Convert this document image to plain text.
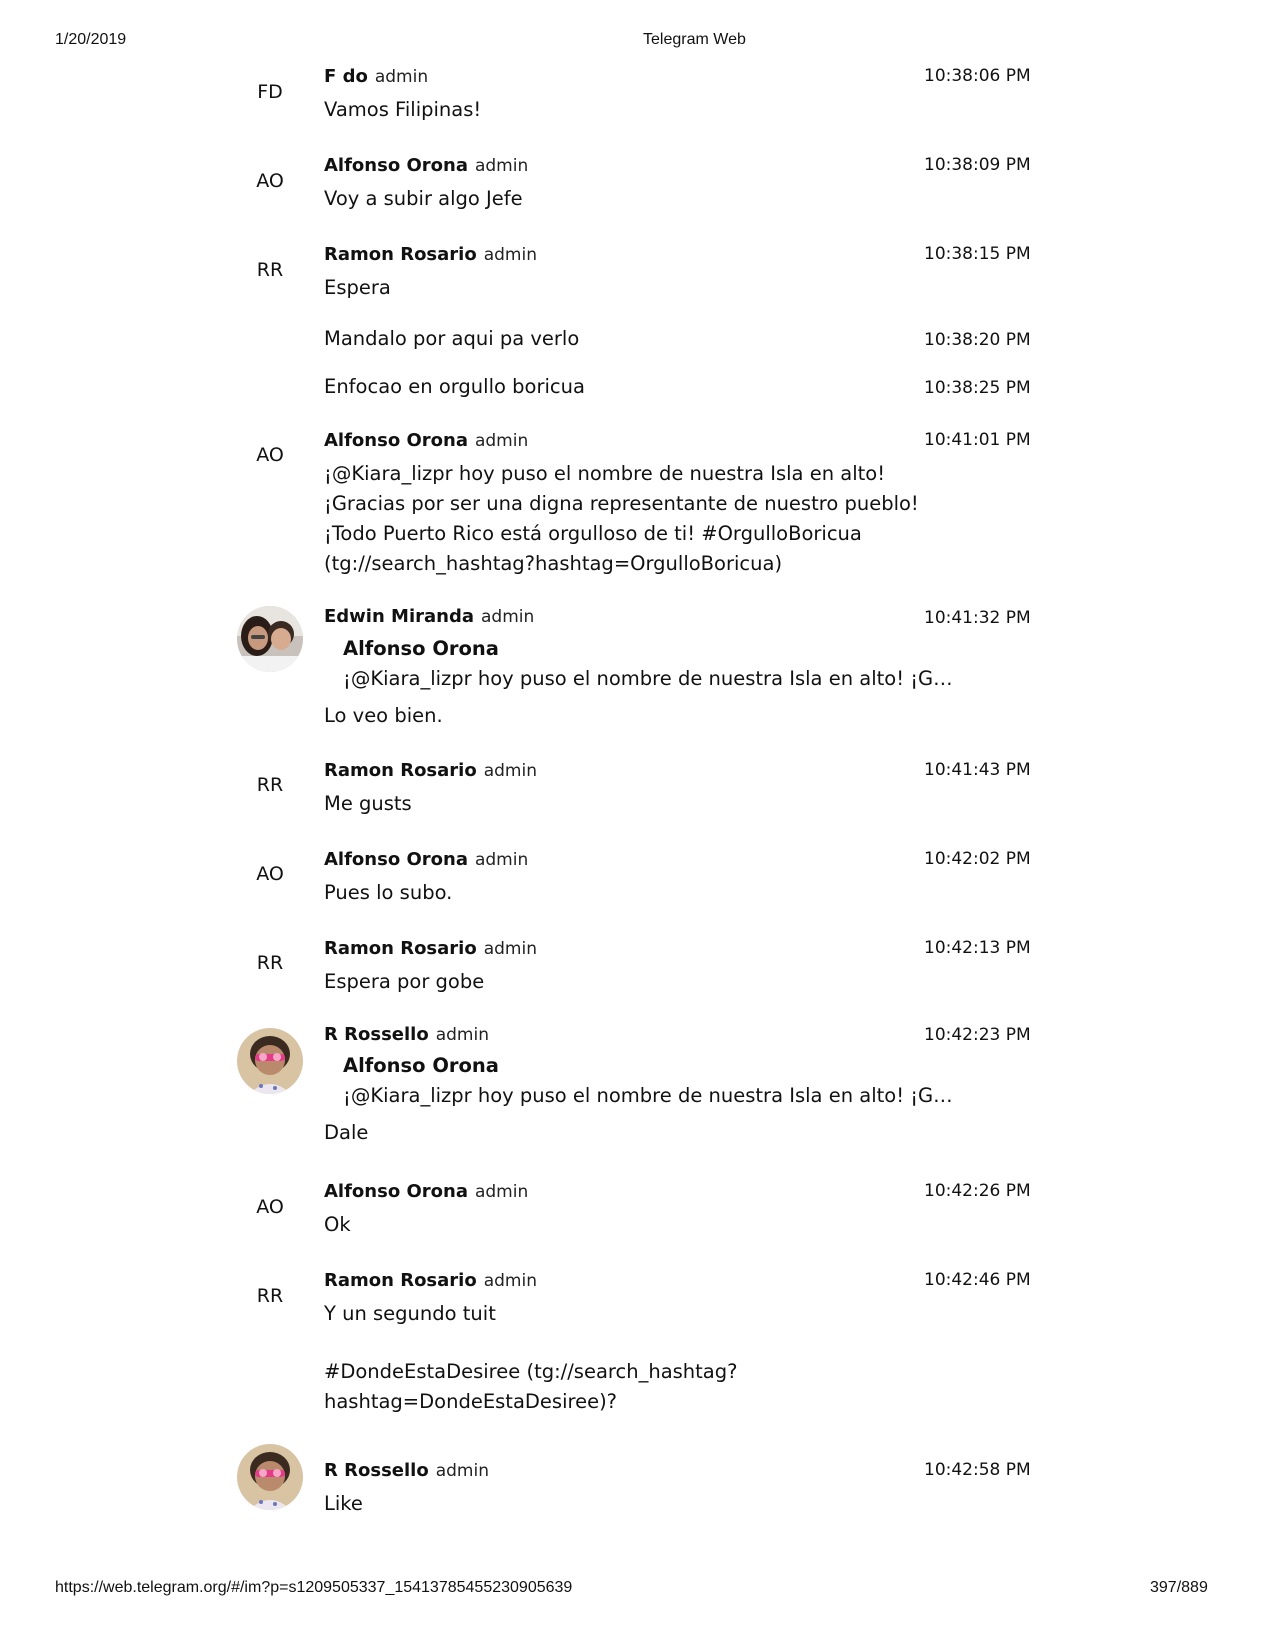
1/20/2019	Telegram Web
FD
F do admin	10:38:06 PM
Vamos Filipinas!
AO
Alfonso Orona admin	10:38:09 PM
Voy a subir algo Jefe
RR
Ramon Rosario admin	10:38:15 PM
Espera
10:38:20 PM
Mandalo por aqui pa verlo
10:38:25 PM
Enfocao en orgullo boricua
AO
Alfonso Orona admin	10:41:01 PM
¡@Kiara_lizpr hoy puso el nombre de nuestra Isla en alto!
¡Gracias por ser una digna representante de nuestro pueblo!
¡Todo Puerto Rico está orgulloso de ti! #OrgulloBoricua
(tg://search_hashtag?hashtag=OrgulloBoricua)
Edwin Miranda admin	10:41:32 PM
Alfonso Orona
¡@Kiara_lizpr hoy puso el nombre de nuestra Isla en alto! ¡G…
Lo veo bien.
RR
Ramon Rosario admin	10:41:43 PM
Me gusts
AO
Alfonso Orona admin	10:42:02 PM
Pues lo subo.
RR
Ramon Rosario admin	10:42:13 PM
Espera por gobe
R Rossello admin	10:42:23 PM
Alfonso Orona
¡@Kiara_lizpr hoy puso el nombre de nuestra Isla en alto! ¡G…
Dale
AO
Alfonso Orona admin	10:42:26 PM
Ok
RR
Ramon Rosario admin	10:42:46 PM
Y un segundo tuit
#DondeEstaDesiree (tg://search_hashtag?
hashtag=DondeEstaDesiree)?
R Rossello admin	10:42:58 PM
Like
https://web.telegram.org/#/im?p=s1209505337_15413785455230905639	397/889
